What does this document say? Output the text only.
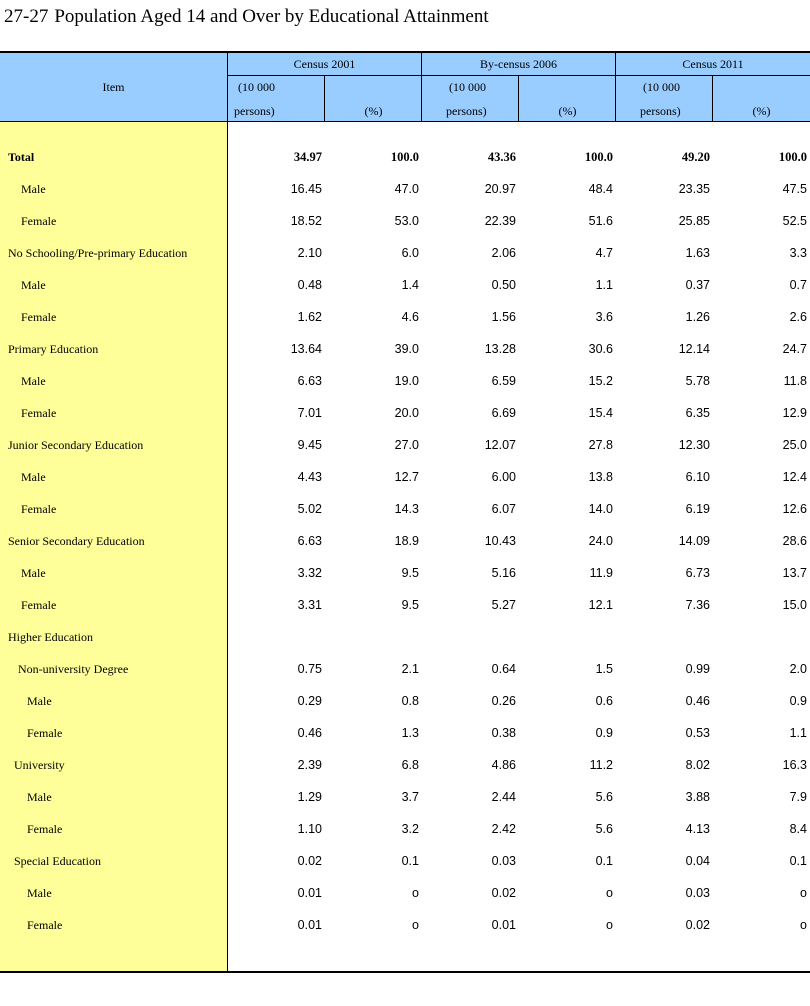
27-27 Population Aged 14 and Over by Educational Attainment
Item
Census 2001	By-census 2006	Census 2011
(10 000
persons)	(%)
(10 000
persons)	(%)
(10 000
persons)	(%)
Total	34.97	100.0	43.36	100.0	49.20	100.0
Male	16.45	47.0	20.97	48.4	23.35	47.5
Female	18.52	53.0	22.39	51.6	25.85	52.5
No Schooling/Pre-primary Education	2.10	6.0	2.06	4.7	1.63	3.3
Male	0.48	1.4	0.50	1.1	0.37	0.7
Female	1.62	4.6	1.56	3.6	1.26	2.6
Primary Education	13.64	39.0	13.28	30.6	12.14	24.7
Male	6.63	19.0	6.59	15.2	5.78	11.8
Female	7.01	20.0	6.69	15.4	6.35	12.9
Junior Secondary Education	9.45	27.0	12.07	27.8	12.30	25.0
Male	4.43	12.7	6.00	13.8	6.10	12.4
Female	5.02	14.3	6.07	14.0	6.19	12.6
Senior Secondary Education	6.63	18.9	10.43	24.0	14.09	28.6
Male	3.32	9.5	5.16	11.9	6.73	13.7
Female	3.31	9.5	5.27	12.1	7.36	15.0
Higher Education
Non-university Degree	0.75	2.1	0.64	1.5	0.99	2.0
Male	0.29	0.8	0.26	0.6	0.46	0.9
Female	0.46	1.3	0.38	0.9	0.53	1.1
University	2.39	6.8	4.86	11.2	8.02	16.3
Male	1.29	3.7	2.44	5.6	3.88	7.9
Female	1.10	3.2	2.42	5.6	4.13	8.4
Special Education	0.02	0.1	0.03	0.1	0.04	0.1
Male	0.01	o	0.02	o	0.03	o
Female	0.01	o	0.01	o	0.02	o
